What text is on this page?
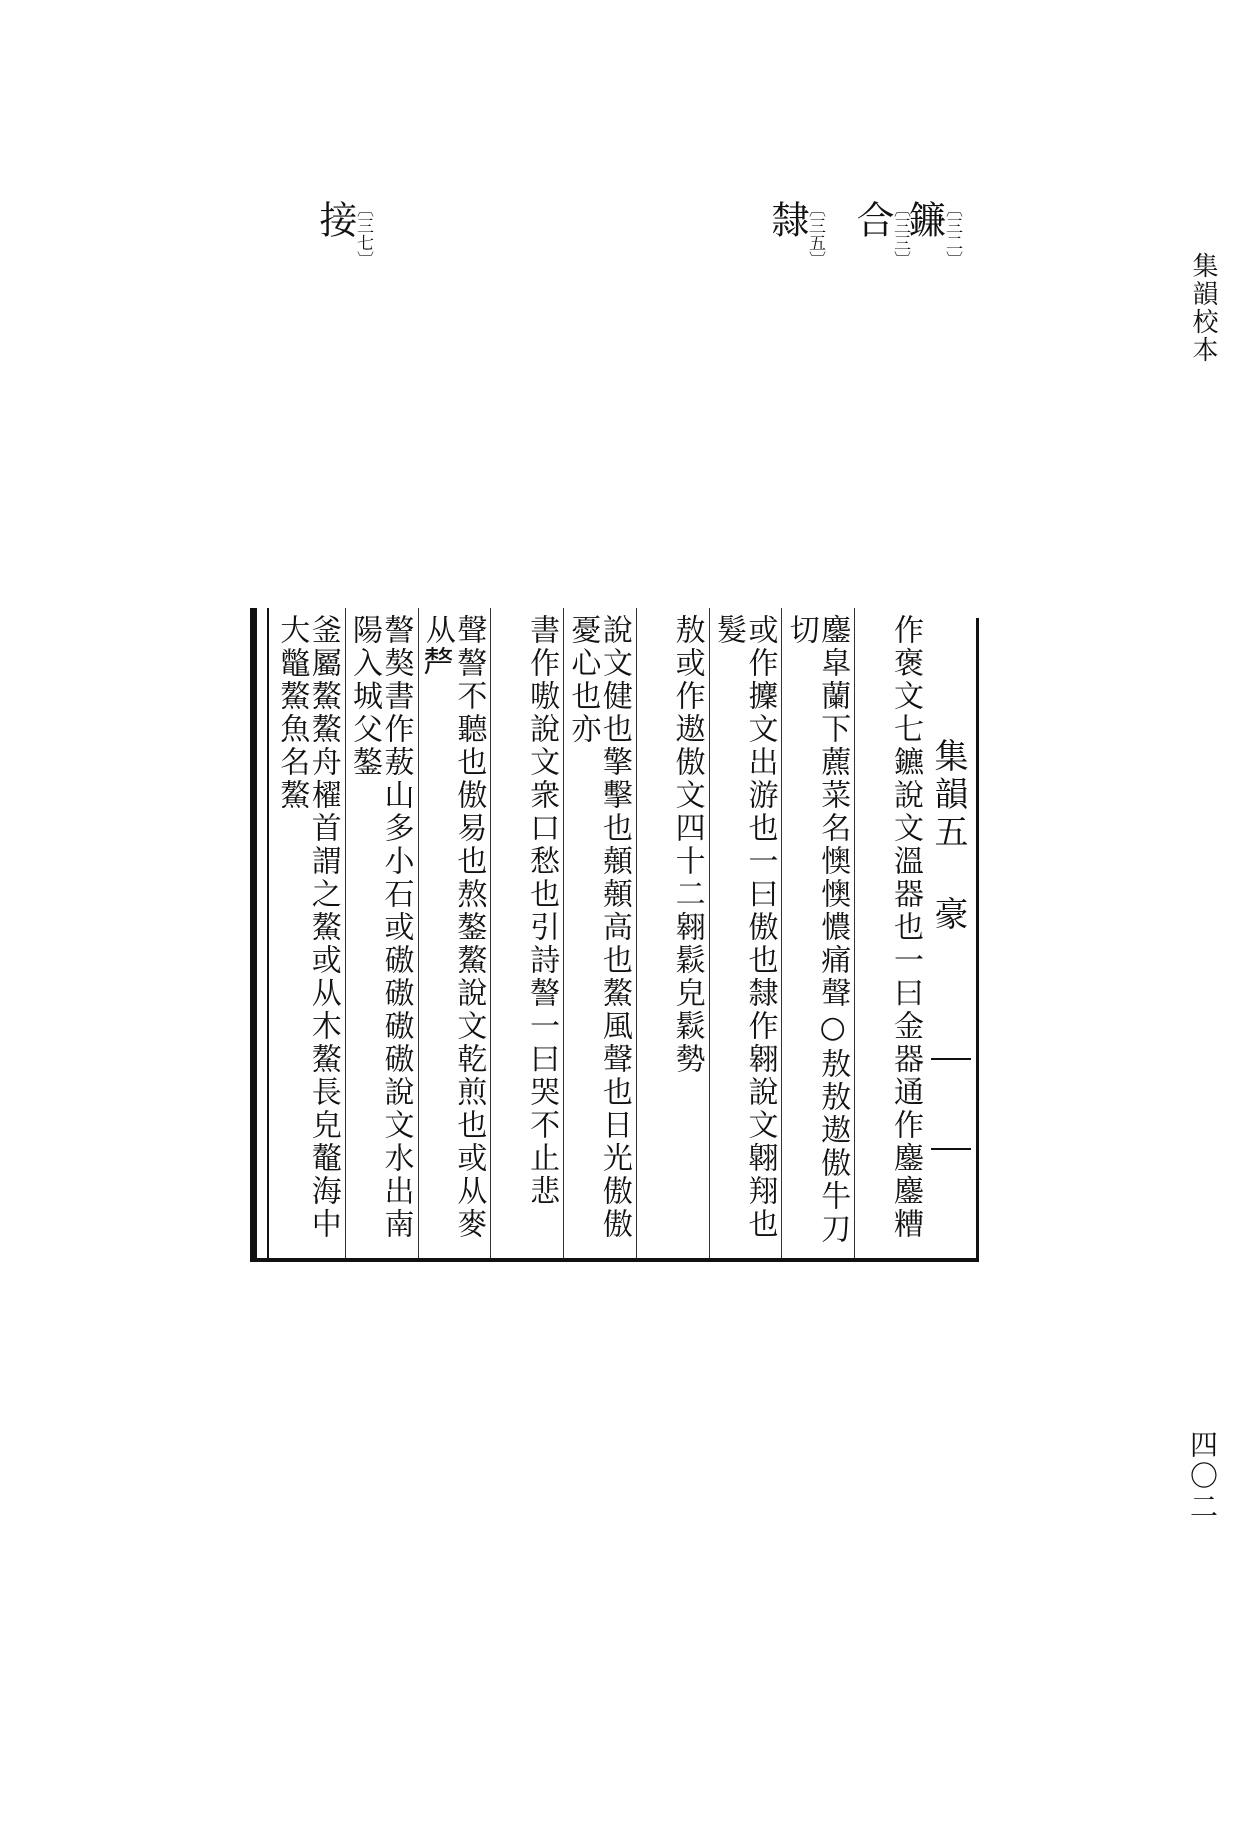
集韻校本
四〇二
〔三二〕
鐮
〔三三〕
合
〔三五〕
隸
〔三七〕
接
集韻五 豪
作褒文七鑣說文溫器也一曰金器通作鏖鏖糟
鏖皐蘭下藨菜名懊懊憹痛聲○敖敖遨傲牛刀切
或作攈文出游也一曰傲也隸作翱說文翺翔也髮
敖或作遨傲文四十二翱鬏皃鬏勢
說文健也擎擊也顤顤高也鰲風聲也日光傲傲憂心也亦
書作嗷說文衆口愁也引詩謷一曰哭不止悲
聲謷不聽也傲易也熬鏊鰲說文乾煎也或从麥从𠩺
謷獒書作蔜山多小石或磝磝磝磝說文水出南陽入城父鏊
釜屬鰲鰲舟櫂首謂之鰲或从木鰲長皃鼇海中大鼈鰲魚名鰲
